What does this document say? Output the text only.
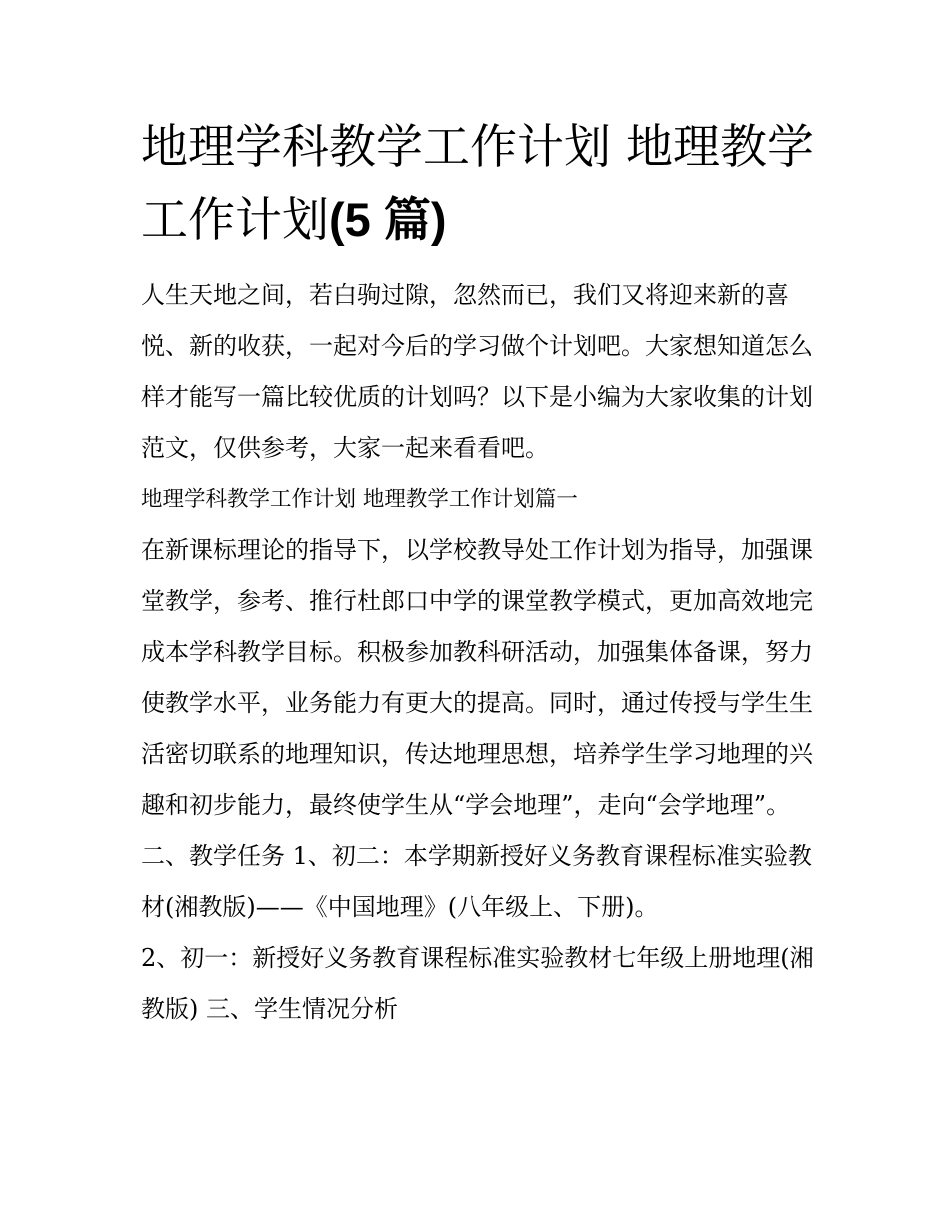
地理学科教学工作计划 地理教学工作计划(5 篇)

人生天地之间，若白驹过隙，忽然而已，我们又将迎来新的喜悦、新的收获，一起对今后的学习做个计划吧。大家想知道怎么样才能写一篇比较优质的计划吗？以下是小编为大家收集的计划范文，仅供参考，大家一起来看看吧。

地理学科教学工作计划 地理教学工作计划篇一

在新课标理论的指导下，以学校教导处工作计划为指导，加强课堂教学，参考、推行杜郎口中学的课堂教学模式，更加高效地完成本学科教学目标。积极参加教科研活动，加强集体备课，努力使教学水平，业务能力有更大的提高。同时，通过传授与学生生活密切联系的地理知识，传达地理思想，培养学生学习地理的兴趣和初步能力，最终使学生从“学会地理”，走向“会学地理”。

二、教学任务 1、初二：本学期新授好义务教育课程标准实验教材(湘教版)——《中国地理》(八年级上、下册)。

2、初一：新授好义务教育课程标准实验教材七年级上册地理(湘教版) 三、学生情况分析
